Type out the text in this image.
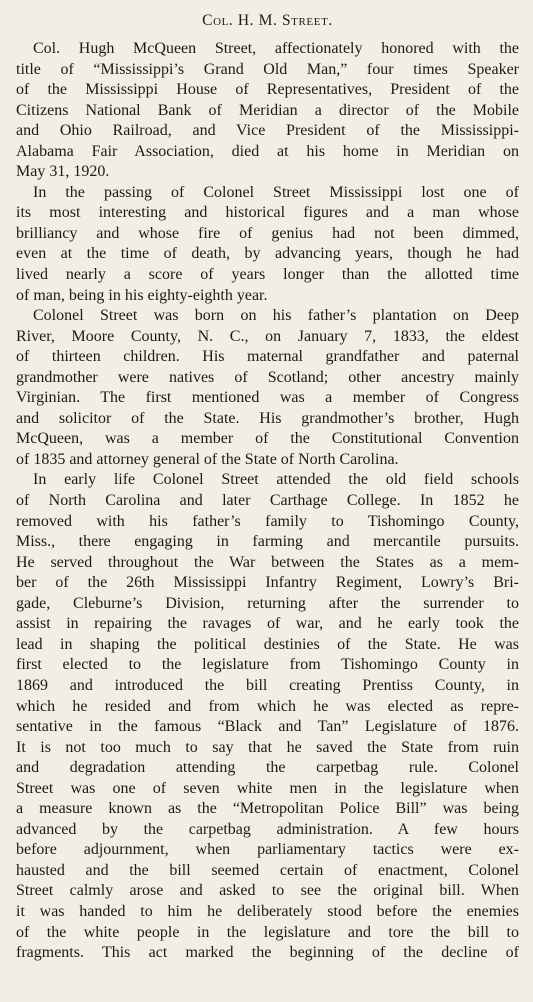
Col. H. M. Street.

Col. Hugh McQueen Street, affectionately honored with the
title of “Mississippi’s Grand Old Man,” four times Speaker
of the Mississippi House of Representatives, President of the
Citizens National Bank of Meridian a director of the Mobile
and Ohio Railroad, and Vice President of the Mississippi-
Alabama Fair Association, died at his home in Meridian on
May 31, 1920.

In the passing of Colonel Street Mississippi lost one of
its most interesting and historical figures and a man whose
brilliancy and whose fire of genius had not been dimmed,
even at the time of death, by advancing years, though he had
lived nearly a score of years longer than the allotted time
of man, being in his eighty-eighth year.

Colonel Street was born on his father’s plantation on Deep
River, Moore County, N. C., on January 7, 1833, the eldest
of thirteen children. His maternal grandfather and paternal
grandmother were natives of Scotland; other ancestry mainly
Virginian. The first mentioned was a member of Congress
and solicitor of the State. His grandmother’s brother, Hugh
McQueen, was a member of the Constitutional Convention
of 1835 and attorney general of the State of North Carolina.

In early life Colonel Street attended the old field schools
of North Carolina and later Carthage College. In 1852 he
removed with his father’s family to Tishomingo County,
Miss., there engaging in farming and mercantile pursuits.
He served throughout the War between the States as a mem-
ber of the 26th Mississippi Infantry Regiment, Lowry’s Bri-
gade, Cleburne’s Division, returning after the surrender to
assist in repairing the ravages of war, and he early took the
lead in shaping the political destinies of the State. He was
first elected to the legislature from Tishomingo County in
1869 and introduced the bill creating Prentiss County, in
which he resided and from which he was elected as repre-
sentative in the famous “Black and Tan” Legislature of 1876.
It is not too much to say that he saved the State from ruin
and degradation attending the carpetbag rule. Colonel
Street was one of seven white men in the legislature when
a measure known as the “Metropolitan Police Bill” was being
advanced by the carpetbag administration. A few hours
before adjournment, when parliamentary tactics were ex-
hausted and the bill seemed certain of enactment, Colonel
Street calmly arose and asked to see the original bill. When
it was handed to him he deliberately stood before the enemies
of the white people in the legislature and tore the bill to
fragments. This act marked the beginning of the decline of
